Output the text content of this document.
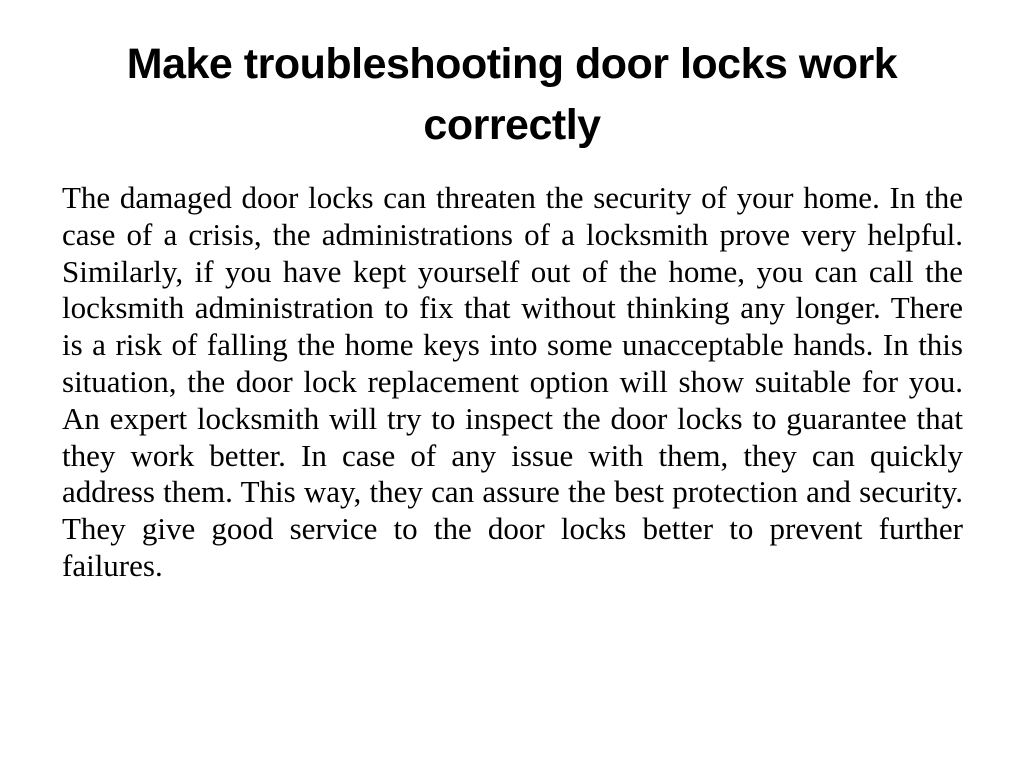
Make troubleshooting door locks work correctly

The damaged door locks can threaten the security of your home. In the case of a crisis, the administrations of a locksmith prove very helpful. Similarly, if you have kept yourself out of the home, you can call the locksmith administration to fix that without thinking any longer. There is a risk of falling the home keys into some unacceptable hands. In this situation, the door lock replacement option will show suitable for you. An expert locksmith will try to inspect the door locks to guarantee that they work better. In case of any issue with them, they can quickly address them. This way, they can assure the best protection and security. They give good service to the door locks better to prevent further failures.
